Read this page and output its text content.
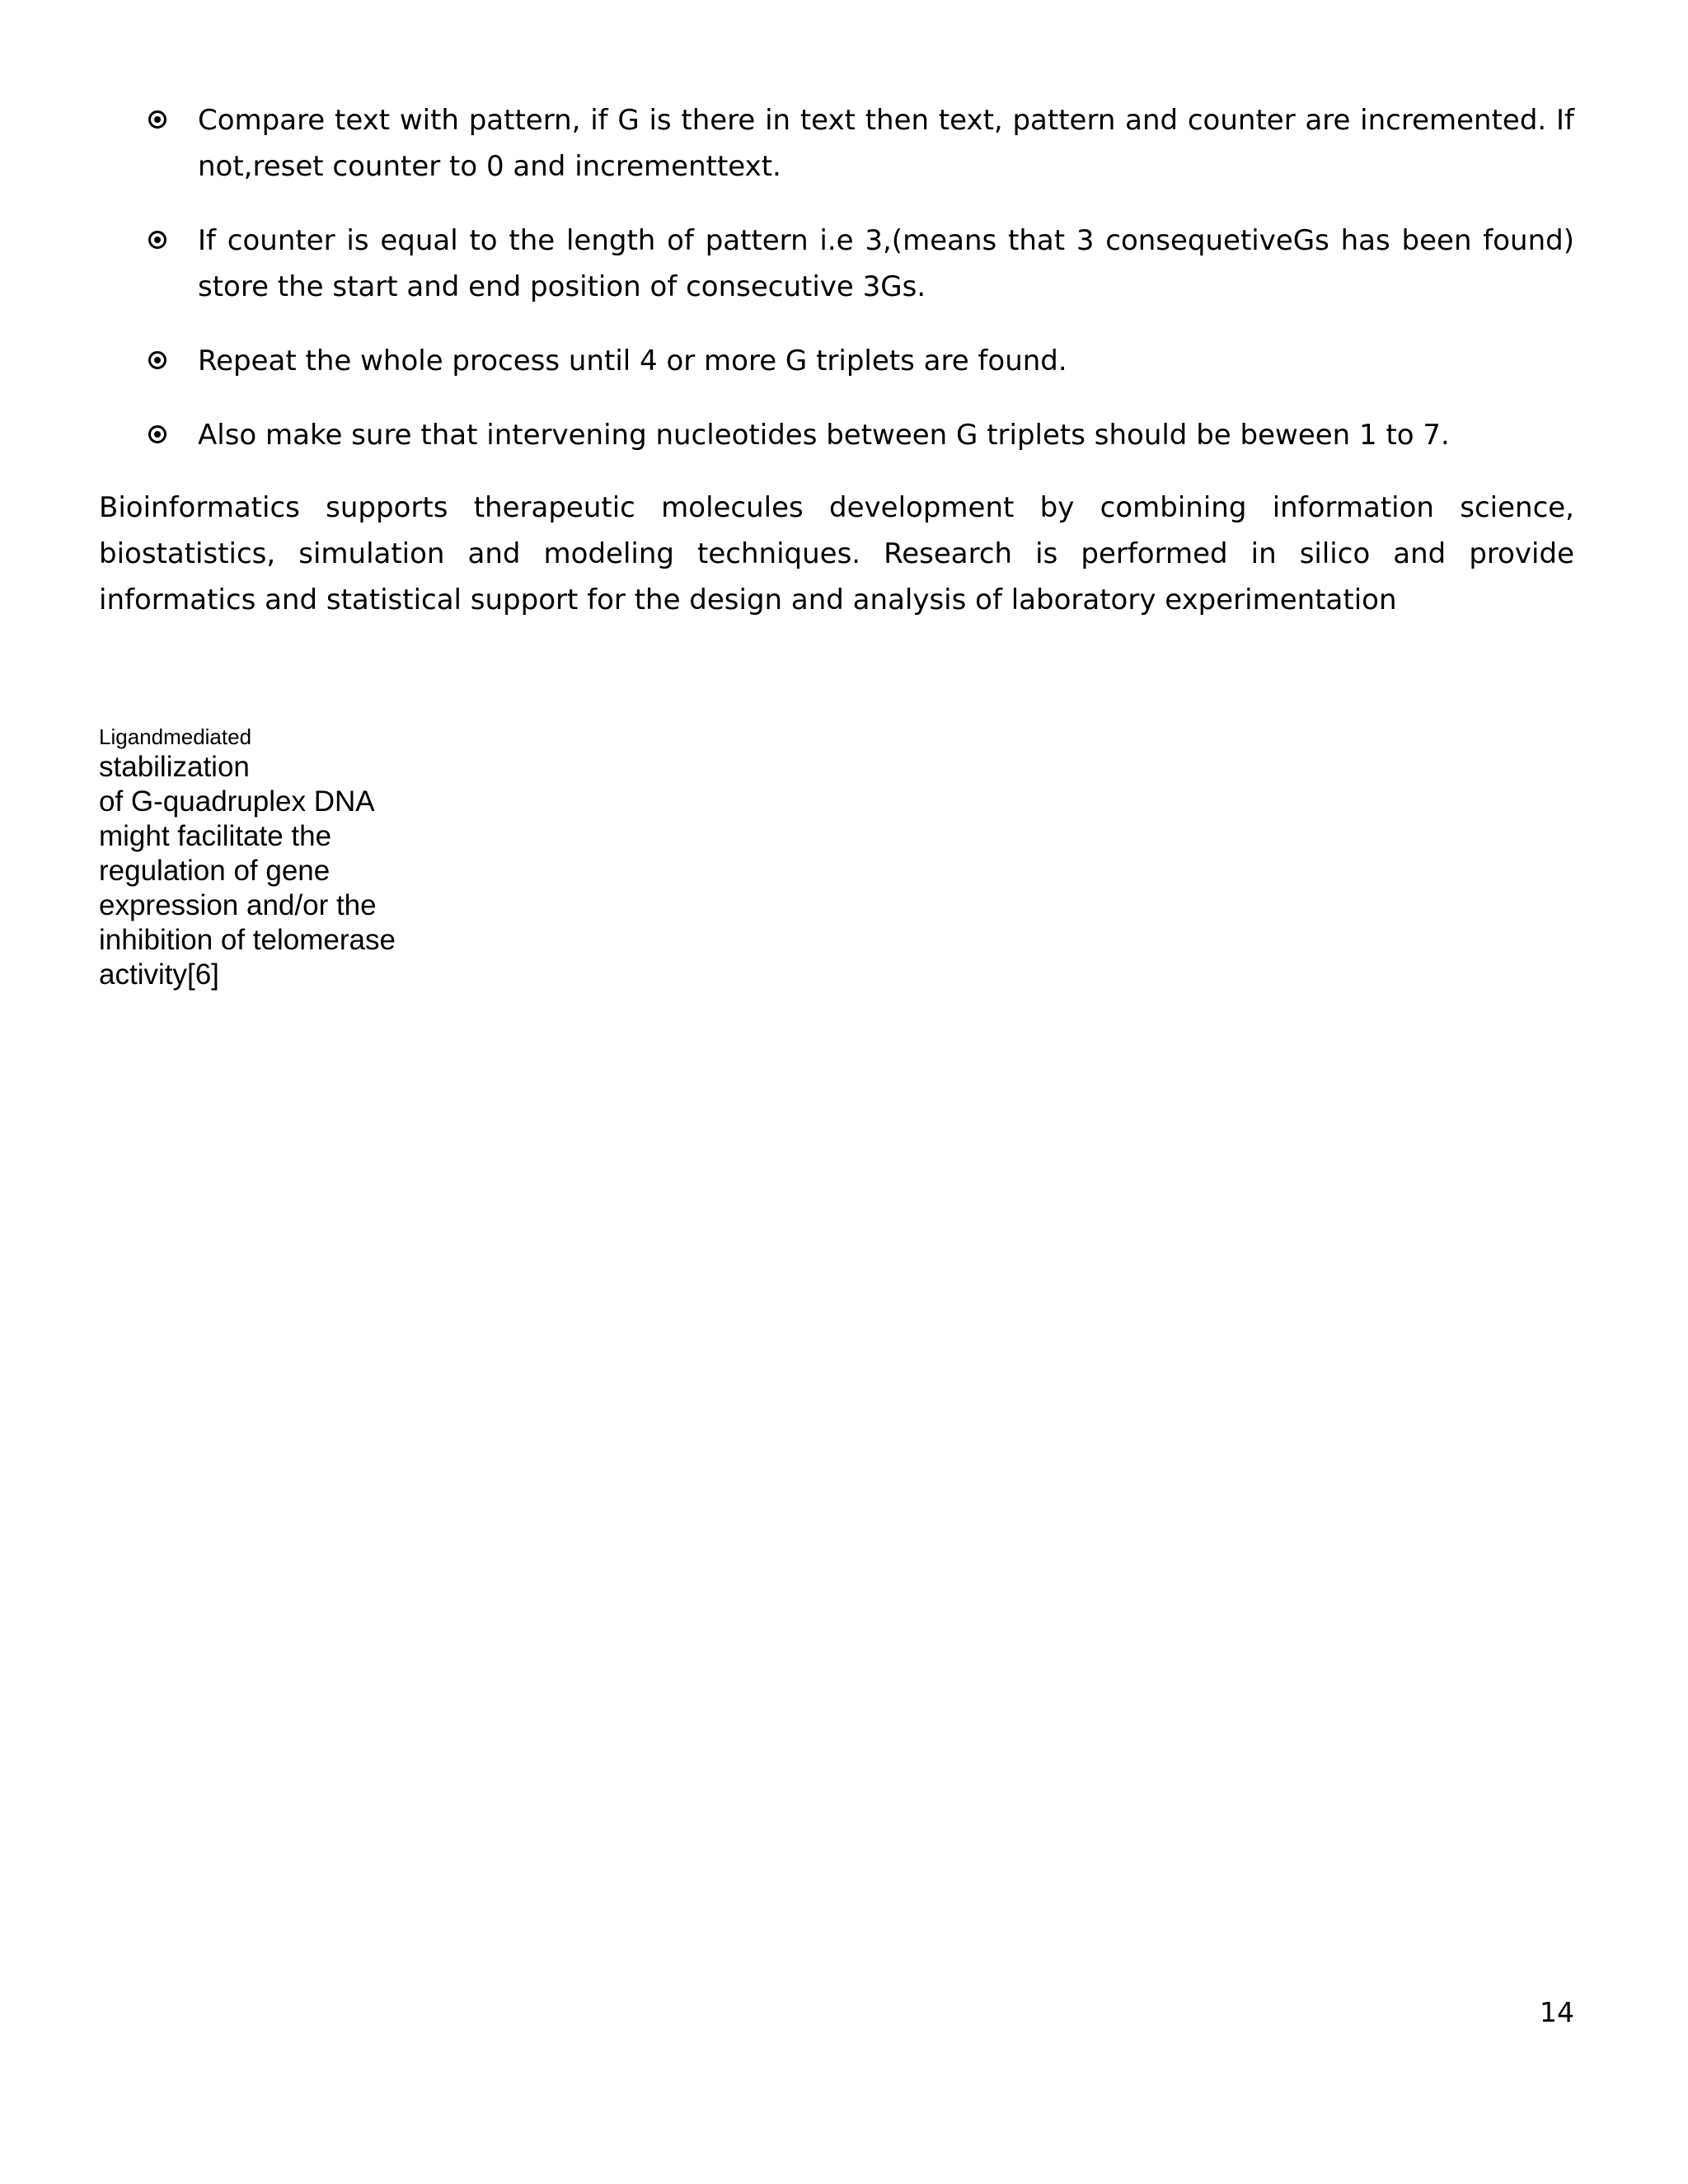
Compare text with pattern, if G is there in text then text, pattern and counter are incremented. If not,reset counter to 0 and incrementtext.
If counter is equal to the length of pattern i.e 3,(means that 3 consequetiveGs has been found) store the start and end position of consecutive 3Gs.
Repeat the whole process until 4 or more G triplets are found.
Also make sure that intervening nucleotides between G triplets should be beween 1 to 7.

Bioinformatics supports therapeutic molecules development by combining information science, biostatistics, simulation and modeling techniques. Research is performed in silico and provide informatics and statistical support for the design and analysis of laboratory experimentation

Ligandmediated
stabilization
of G-quadruplex DNA
might facilitate the
regulation of gene
expression and/or the
inhibition of telomerase
activity[6]
14
